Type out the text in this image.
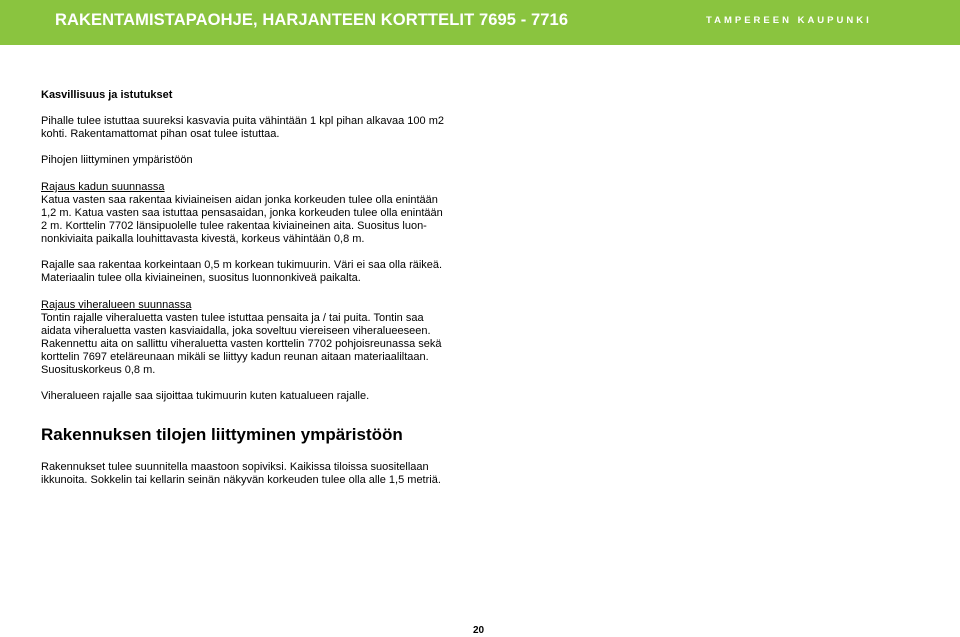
RAKENTAMISTAPAOHJE, HARJANTEEN KORTTELIT 7695 - 7716	TAMPEREEN KAUPUNKI
Kasvillisuus ja istutukset
Pihalle tulee istuttaa suureksi kasvavia puita vähintään 1 kpl pihan alkavaa 100 m2
kohti. Rakentamattomat pihan osat tulee istuttaa.
Pihojen liittyminen ympäristöön
Rajaus kadun suunnassa
Katua vasten saa rakentaa kiviaineisen aidan jonka korkeuden tulee olla enintään
1,2 m. Katua vasten saa istuttaa pensasaidan, jonka korkeuden tulee olla enintään
2 m. Korttelin 7702 länsipuolelle tulee rakentaa kiviaineinen aita. Suositus luon-
nonkiviaita paikalla louhittavasta kivestä, korkeus vähintään 0,8 m.
Rajalle saa rakentaa korkeintaan 0,5 m korkean tukimuurin. Väri ei saa olla räikeä.
Materiaalin tulee olla kiviaineinen, suositus luonnonkiveä paikalta.
Rajaus viheralueen suunnassa
Tontin rajalle viheraluetta vasten tulee istuttaa pensaita ja / tai puita. Tontin saa
aidata viheraluetta vasten kasviaidalla, joka soveltuu viereiseen viheralueeseen.
Rakennettu aita on sallittu viheraluetta vasten korttelin 7702 pohjoisreunassa sekä
korttelin 7697 eteläreunaan mikäli se liittyy kadun reunan aitaan materiaaliltaan.
Suosituskorkeus 0,8 m.
Viheralueen rajalle saa sijoittaa tukimuurin kuten katualueen rajalle.
Rakennuksen tilojen liittyminen ympäristöön
Rakennukset tulee suunnitella maastoon sopiviksi. Kaikissa tiloissa suositellaan
ikkunoita. Sokkelin tai kellarin seinän näkyvän korkeuden tulee olla alle 1,5 metriä.
20
